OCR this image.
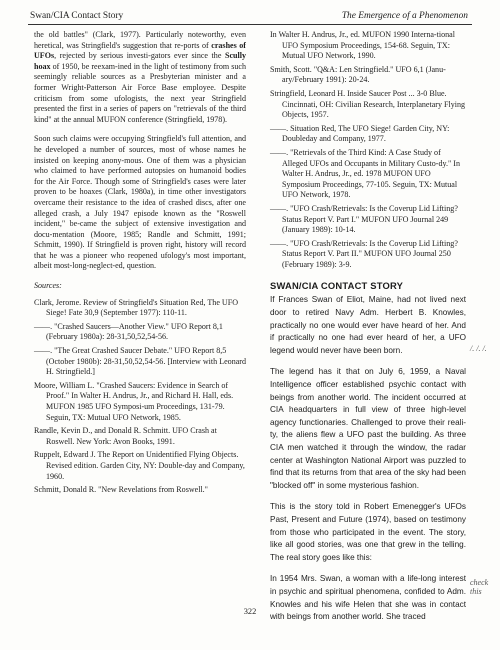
Swan/CIA Contact Story	The Emergence of a Phenomenon

the old battles" (Clark, 1977). Particularly noteworthy, even heretical, was Stringfield's suggestion that re-ports of crashes of UFOs, rejected by serious investi-gators ever since the Scully hoax of 1950, be reexam-ined in the light of testimony from such seemingly reliable sources as a Presbyterian minister and a former Wright-Patterson Air Force Base employee. Despite criticism from some ufologists, the next year Stringfield presented the first in a series of papers on "retrievals of the third kind" at the annual MUFON conference (Stringfield, 1978).

Soon such claims were occupying Stringfield's full attention, and he developed a number of sources, most of whose names he insisted on keeping anony-mous. One of them was a physician who claimed to have performed autopsies on humanoid bodies for the Air Force. Though some of Stringfield's cases were later proven to be hoaxes (Clark, 1980a), in time other investigators overcame their resistance to the idea of crashed discs, after one alleged crash, a July 1947 episode known as the "Roswell incident," be-came the subject of extensive investigation and docu-mentation (Moore, 1985; Randle and Schmitt, 1991; Schmitt, 1990). If Stringfield is proven right, history will record that he was a pioneer who reopened ufology's most important, albeit most-long-neglect-ed, question.

Sources:

Clark, Jerome. Review of Stringfield's Situation Red, The UFO Siege! Fate 30,9 (September 1977): 110-11.

——. "Crashed Saucers—Another View." UFO Report 8,1 (February 1980a): 28-31,50,52,54-56.

——. "The Great Crashed Saucer Debate." UFO Report 8,5 (October 1980b): 28-31,50,52,54-56. [Interview with Leonard H. Stringfield.]

Moore, William L. "Crashed Saucers: Evidence in Search of Proof." In Walter H. Andrus, Jr., and Richard H. Hall, eds. MUFON 1985 UFO Symposi-um Proceedings, 131-79. Seguin, TX: Mutual UFO Network, 1985.

Randle, Kevin D., and Donald R. Schmitt. UFO Crash at Roswell. New York: Avon Books, 1991.

Ruppelt, Edward J. The Report on Unidentified Flying Objects. Revised edition. Garden City, NY: Double-day and Company, 1960.

Schmitt, Donald R. "New Revelations from Roswell."

In Walter H. Andrus, Jr., ed. MUFON 1990 Interna-tional UFO Symposium Proceedings, 154-68. Seguin, TX: Mutual UFO Network, 1990.

Smith, Scott. "Q&A: Len Stringfield." UFO 6,1 (Janu-ary/February 1991): 20-24.

Stringfield, Leonard H. Inside Saucer Post ... 3-0 Blue. Cincinnati, OH: Civilian Research, Interplanetary Flying Objects, 1957.

——. Situation Red, The UFO Siege! Garden City, NY: Doubleday and Company, 1977.

——. "Retrievals of the Third Kind: A Case Study of Alleged UFOs and Occupants in Military Custo-dy." In Walter H. Andrus, Jr., ed. 1978 MUFON UFO Symposium Proceedings, 77-105. Seguin, TX: Mutual UFO Network, 1978.

——. "UFO Crash/Retrievals: Is the Coverup Lid Lifting? Status Report V. Part I." MUFON UFO Journal 249 (January 1989): 10-14.

——. "UFO Crash/Retrievals: Is the Coverup Lid Lifting? Status Report V. Part II." MUFON UFO Journal 250 (February 1989): 3-9.

SWAN/CIA CONTACT STORY

If Frances Swan of Eliot, Maine, had not lived next door to retired Navy Adm. Herbert B. Knowles, practically no one would ever have heard of her. And if practically no one had ever heard of her, a UFO legend would never have been born.

The legend has it that on July 6, 1959, a Naval Intelligence officer established psychic contact with beings from another world. The incident occurred at CIA headquarters in full view of three high-level agency functionaries. Challenged to prove their reali-ty, the aliens flew a UFO past the building. As three CIA men watched it through the window, the radar center at Washington National Airport was puzzled to find that its returns from that area of the sky had been "blocked off" in some mysterious fashion.

This is the story told in Robert Emenegger's UFOs Past, Present and Future (1974), based on testimony from those who participated in the event. The story, like all good stories, was one that grew in the telling. The real story goes like this:

In 1954 Mrs. Swan, a woman with a life-long interest in psychic and spiritual phenomena, confided to Adm. Knowles and his wife Helen that she was in contact with beings from another world. She traced

/. /. /.
check this
322
